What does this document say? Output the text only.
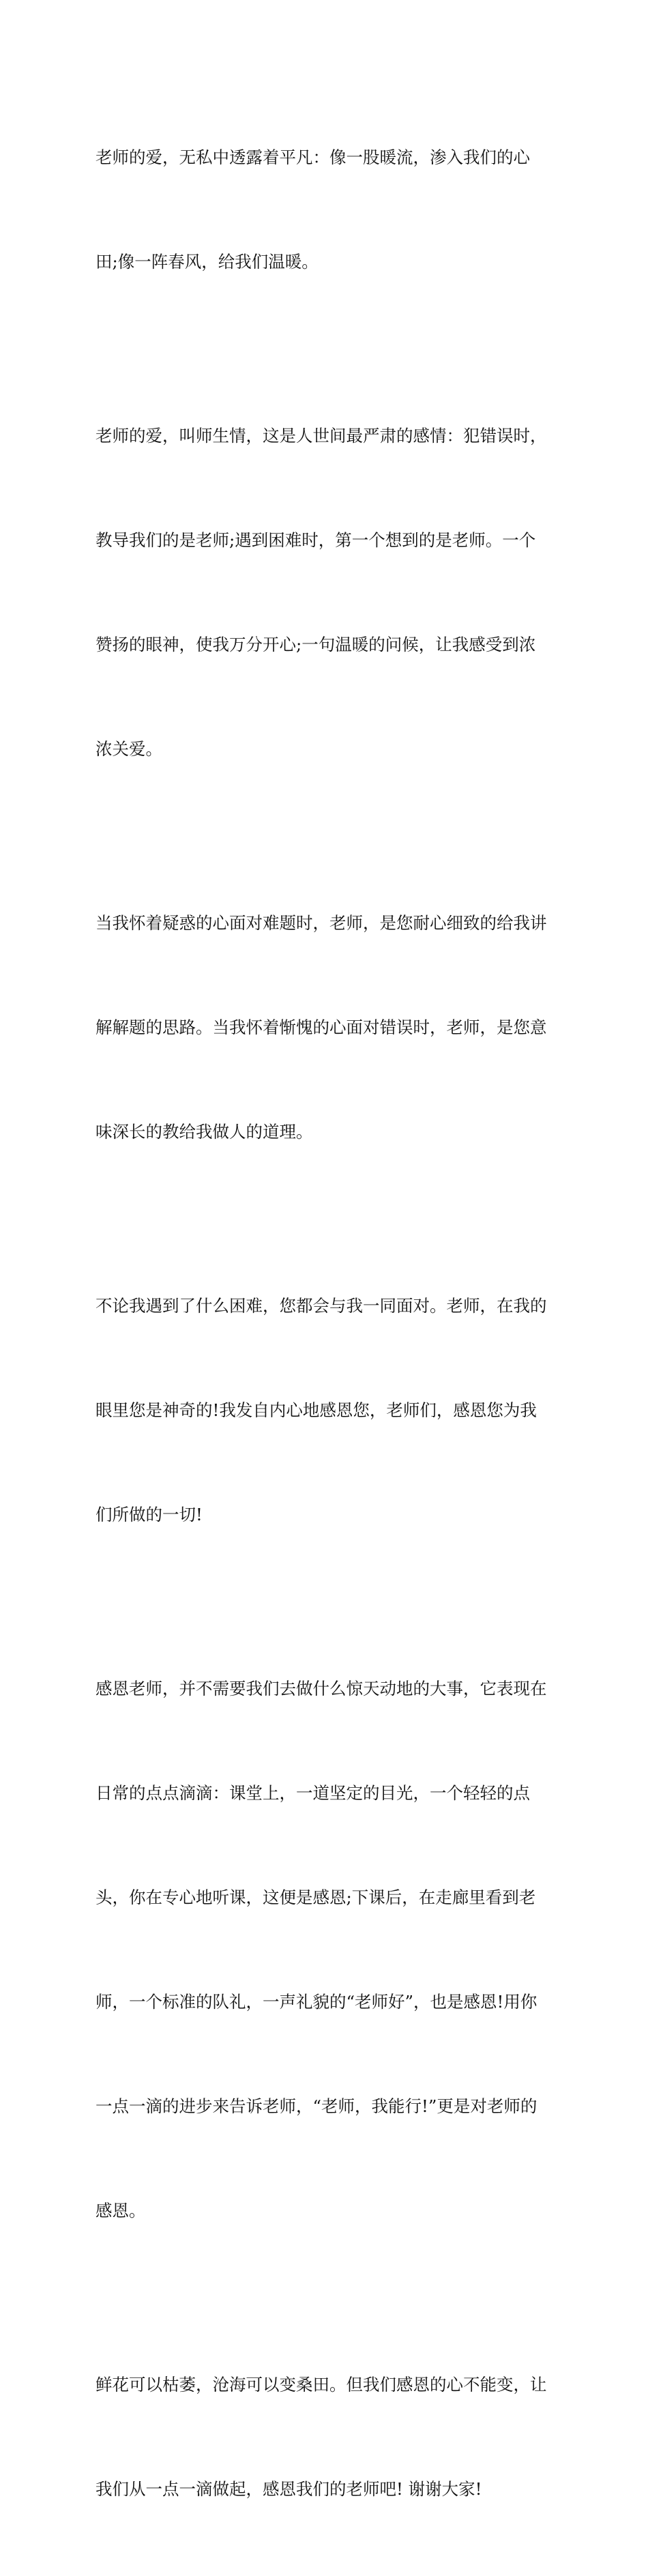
老师的爱，无私中透露着平凡：像一股暖流，渗入我们的心

田;像一阵春风，给我们温暖。

老师的爱，叫师生情，这是人世间最严肃的感情：犯错误时，

教导我们的是老师;遇到困难时，第一个想到的是老师。一个

赞扬的眼神，使我万分开心;一句温暖的问候，让我感受到浓

浓关爱。

当我怀着疑惑的心面对难题时，老师，是您耐心细致的给我讲

解解题的思路。当我怀着惭愧的心面对错误时，老师，是您意

味深长的教给我做人的道理。

不论我遇到了什么困难，您都会与我一同面对。老师，在我的

眼里您是神奇的!我发自内心地感恩您，老师们，感恩您为我

们所做的一切!

感恩老师，并不需要我们去做什么惊天动地的大事，它表现在

日常的点点滴滴：课堂上，一道坚定的目光，一个轻轻的点

头，你在专心地听课，这便是感恩;下课后，在走廊里看到老

师，一个标准的队礼，一声礼貌的“老师好”，也是感恩!用你

一点一滴的进步来告诉老师，“老师，我能行!”更是对老师的

感恩。

鲜花可以枯萎，沧海可以变桑田。但我们感恩的心不能变，让

我们从一点一滴做起，感恩我们的老师吧! 谢谢大家!
